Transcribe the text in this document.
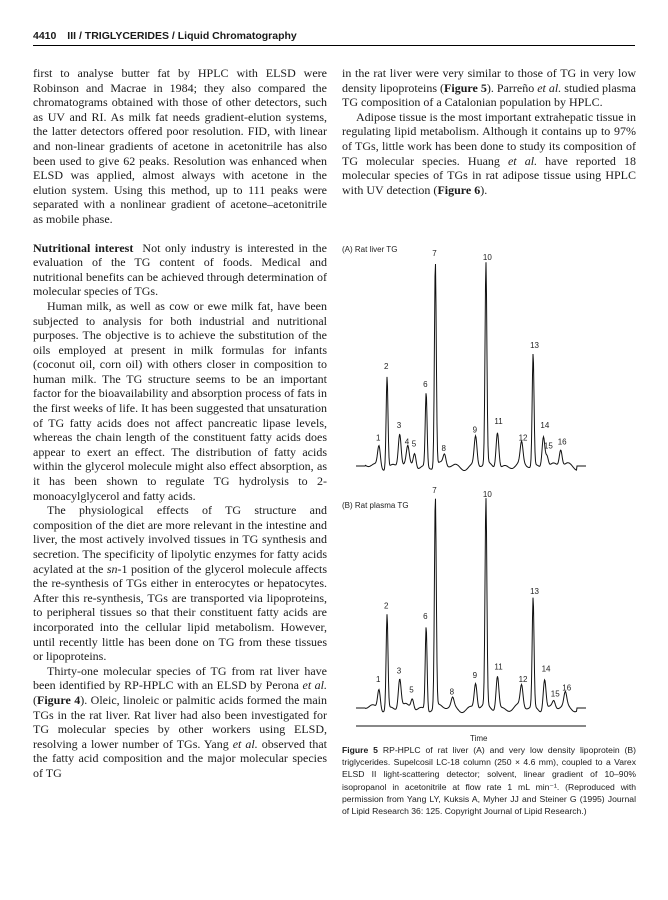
4410 III / TRIGLYCERIDES / Liquid Chromatography

first to analyse butter fat by HPLC with ELSD were Robinson and Macrae in 1984; they also compared the chromatograms obtained with those of other detectors, such as UV and RI. As milk fat needs gradient-elution systems, the latter detectors offered poor resolution. FID, with linear and non-linear gradients of acetone in acetonitrile has also been used to give 62 peaks. Resolution was enhanced when ELSD was applied, almost always with acetone in the elution system. Using this method, up to 111 peaks were separated with a nonlinear gradient of acetone–acetonitrile as mobile phase.

Nutritional interest Not only industry is interested in the evaluation of the TG content of foods. Medical and nutritional benefits can be achieved through determination of molecular species of TGs.

Human milk, as well as cow or ewe milk fat, have been subjected to analysis for both industrial and nutritional purposes. The objective is to achieve the substitution of the oils employed at present in milk formulas for infants (coconut oil, corn oil) with others closer in composition to human milk. The TG structure seems to be an important factor for the bioavailability and absorption process of fats in the first weeks of life. It has been suggested that unsaturation of TG fatty acids does not affect pancreatic lipase levels, whereas the chain length of the constituent fatty acids does appear to exert an effect. The distribution of fatty acids within the glycerol molecule might also effect absorption, as it has been shown to regulate TG hydrolysis to 2-monoacylglycerol and fatty acids.

The physiological effects of TG structure and composition of the diet are more relevant in the intestine and liver, the most actively involved tissues in TG synthesis and secretion. The specificity of lipolytic enzymes for fatty acids acylated at the sn-1 position of the glycerol molecule affects the re-synthesis of TGs either in enterocytes or hepatocytes. After this re-synthesis, TGs are transported via lipoproteins, to peripheral tissues so that their constituent fatty acids are incorporated into the cellular lipid metabolism. However, until recently little has been done on TG from these tissues or lipoproteins.

Thirty-one molecular species of TG from rat liver have been identified by RP-HPLC with an ELSD by Perona et al. (Figure 4). Oleic, linoleic or palmitic acids formed the main TGs in the rat liver. Rat liver had also been investigated for TG molecular species by other workers using ELSD, resolving a lower number of TGs. Yang et al. observed that the fatty acid composition and the major molecular species of TG

in the rat liver were very similar to those of TG in very low density lipoproteins (Figure 5). Parreño et al. studied plasma TG composition of a Catalonian population by HPLC.

Adipose tissue is the most important extrahepatic tissue in regulating lipid metabolism. Although it contains up to 97% of TGs, little work has been done to study its composition of TG molecular species. Huang et al. have reported 18 molecular species of TGs in rat adipose tissue using HPLC with UV detection (Figure 6).

(A) Rat liver TG
(B) Rat plasma TG
1
2
3
4 5
6
7
8
9
10
11
12
13
14
15 16
1
2
3
5
6
7
8
9
10
11
12
13
14
15
16
Time
Figure 5 RP-HPLC of rat liver (A) and very low density lipoprotein (B) triglycerides. Supelcosil LC-18 column (250 × 4.6 mm), coupled to a Varex ELSD II light-scattering detector; solvent, linear gradient of 10–90% isopropanol in acetonitrile at flow rate 1 mL min⁻¹. (Reproduced with permission from Yang LY, Kuksis A, Myher JJ and Steiner G (1995) Journal of Lipid Research 36: 125. Copyright Journal of Lipid Research.)
